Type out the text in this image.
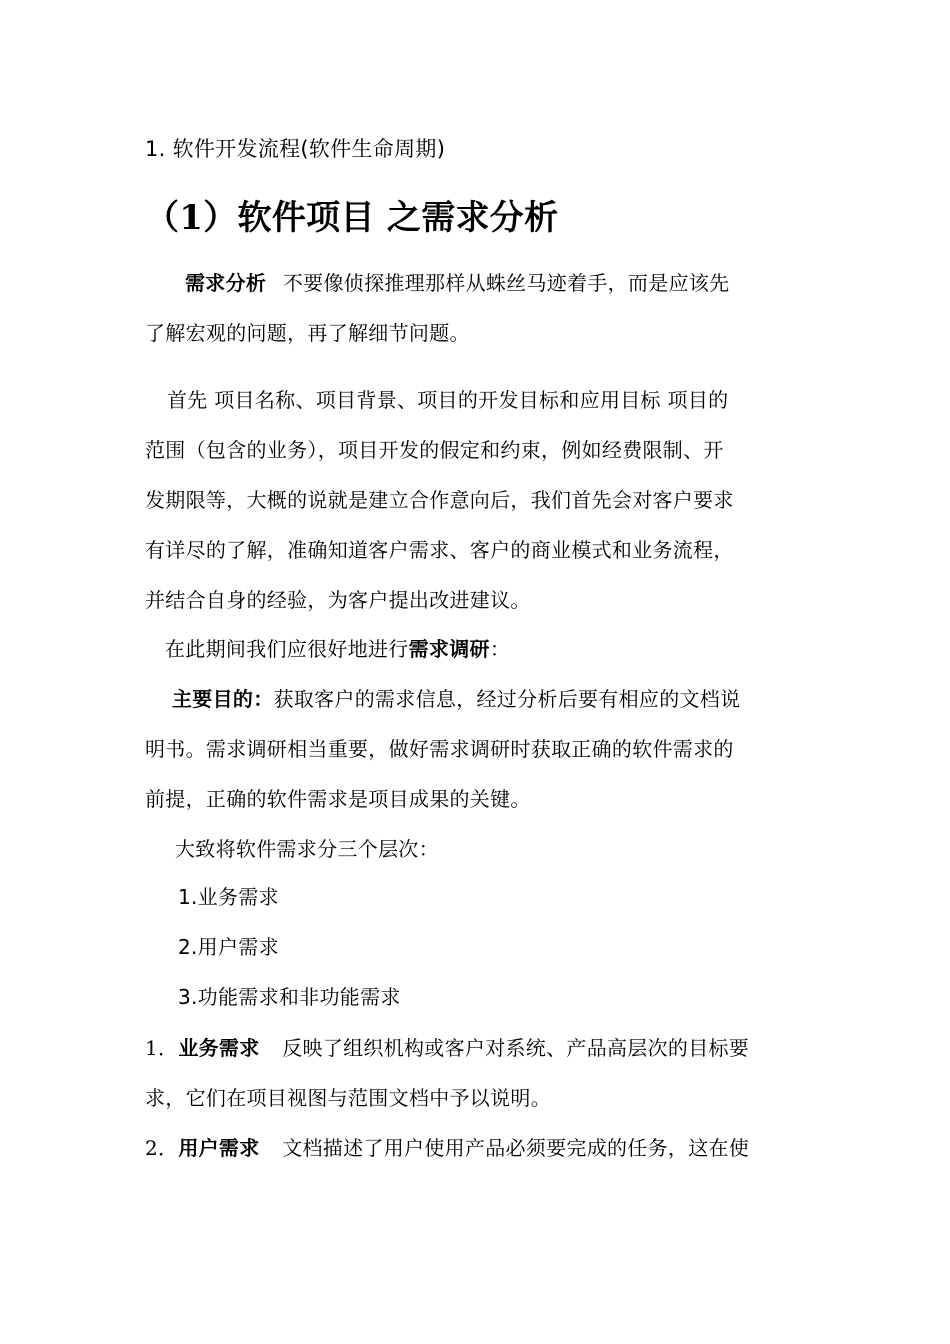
1. 软件开发流程(软件生命周期)
（1）软件项目 之需求分析
需求分析 不要像侦探推理那样从蛛丝马迹着手，而是应该先
了解宏观的问题，再了解细节问题。
首先 项目名称、项目背景、项目的开发目标和应用目标 项目的
范围（包含的业务），项目开发的假定和约束，例如经费限制、开
发期限等，大概的说就是建立合作意向后，我们首先会对客户要求
有详尽的了解，准确知道客户需求、客户的商业模式和业务流程，
并结合自身的经验，为客户提出改进建议。
在此期间我们应很好地进行需求调研：
主要目的：获取客户的需求信息，经过分析后要有相应的文档说
明书。需求调研相当重要，做好需求调研时获取正确的软件需求的
前提，正确的软件需求是项目成果的关键。
大致将软件需求分三个层次：
1.业务需求
2.用户需求
3.功能需求和非功能需求
1．业务需求 反映了组织机构或客户对系统、产品高层次的目标要
求，它们在项目视图与范围文档中予以说明。
2．用户需求 文档描述了用户使用产品必须要完成的任务，这在使
